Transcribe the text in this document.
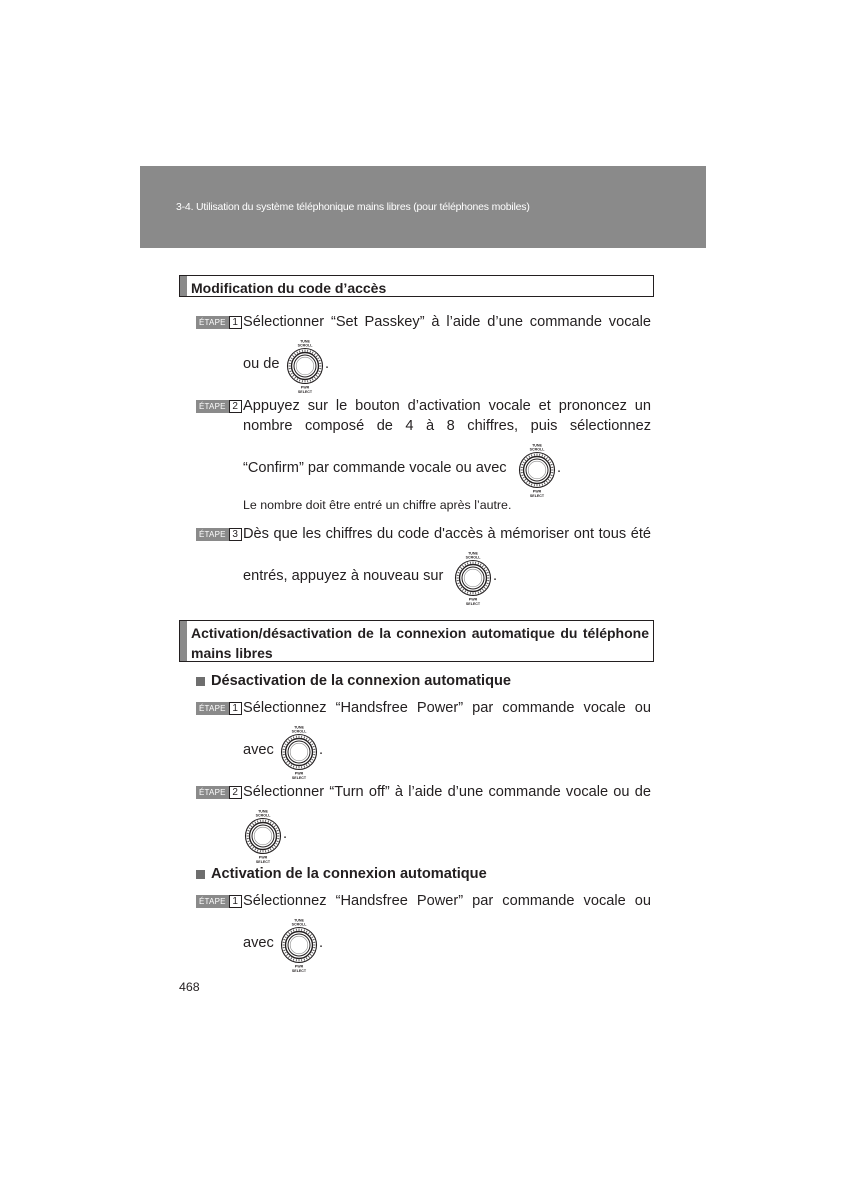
3-4. Utilisation du système téléphonique mains libres (pour téléphones mobiles)
Modification du code d’accès
ÉTAPE 1 Sélectionner “Set Passkey” à l’aide d’une commande vocale
ou de
TUNE
SCROLL
PWR
SELECT
.
ÉTAPE 2 Appuyez sur le bouton d’activation vocale et prononcez un
nombre composé de 4 à 8 chiffres, puis sélectionnez
“Confirm” par commande vocale ou avec
TUNE
SCROLL
PWR
SELECT
.
Le nombre doit être entré un chiffre après l’autre.
ÉTAPE 3 Dès que les chiffres du code d'accès à mémoriser ont tous été
entrés, appuyez à nouveau sur
TUNE
SCROLL
PWR
SELECT
.
Activation/désactivation de la connexion automatique du téléphone mains libres
Désactivation de la connexion automatique
ÉTAPE 1 Sélectionnez “Handsfree Power” par commande vocale ou
avec
TUNE
SCROLL
PWR
SELECT
.
ÉTAPE 2 Sélectionner “Turn off” à l’aide d’une commande vocale ou de
TUNE
SCROLL
PWR
SELECT
.
Activation de la connexion automatique
ÉTAPE 1 Sélectionnez “Handsfree Power” par commande vocale ou
avec
TUNE
SCROLL
PWR
SELECT
.
468
